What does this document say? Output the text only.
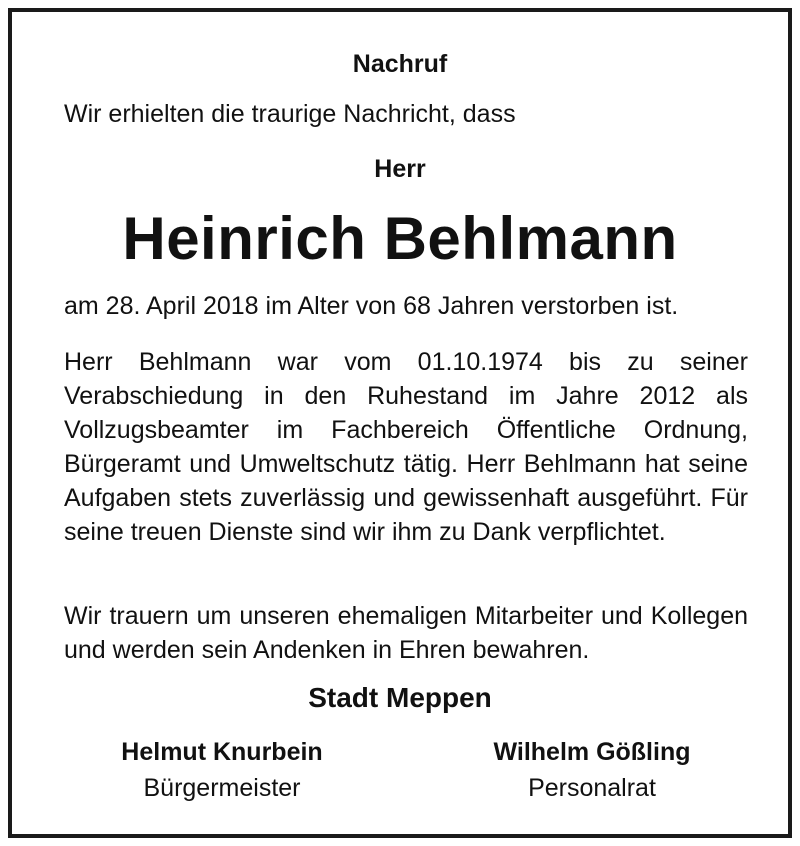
Nachruf
Wir erhielten die traurige Nachricht, dass
Herr
Heinrich Behlmann
am 28. April 2018 im Alter von 68 Jahren verstorben ist.
Herr Behlmann war vom 01.10.1974 bis zu seiner Verabschiedung in den Ruhestand im Jahre 2012 als Vollzugsbeamter im Fachbereich Öffentliche Ordnung, Bürgeramt und Umweltschutz tätig. Herr Behlmann hat seine Aufgaben stets zuverlässig und gewissenhaft ausgeführt. Für seine treuen Dienste sind wir ihm zu Dank verpflichtet.
Wir trauern um unseren ehemaligen Mitarbeiter und Kollegen und werden sein Andenken in Ehren bewahren.
Stadt Meppen
Helmut Knurbein
Bürgermeister
Wilhelm Gößling
Personalrat
